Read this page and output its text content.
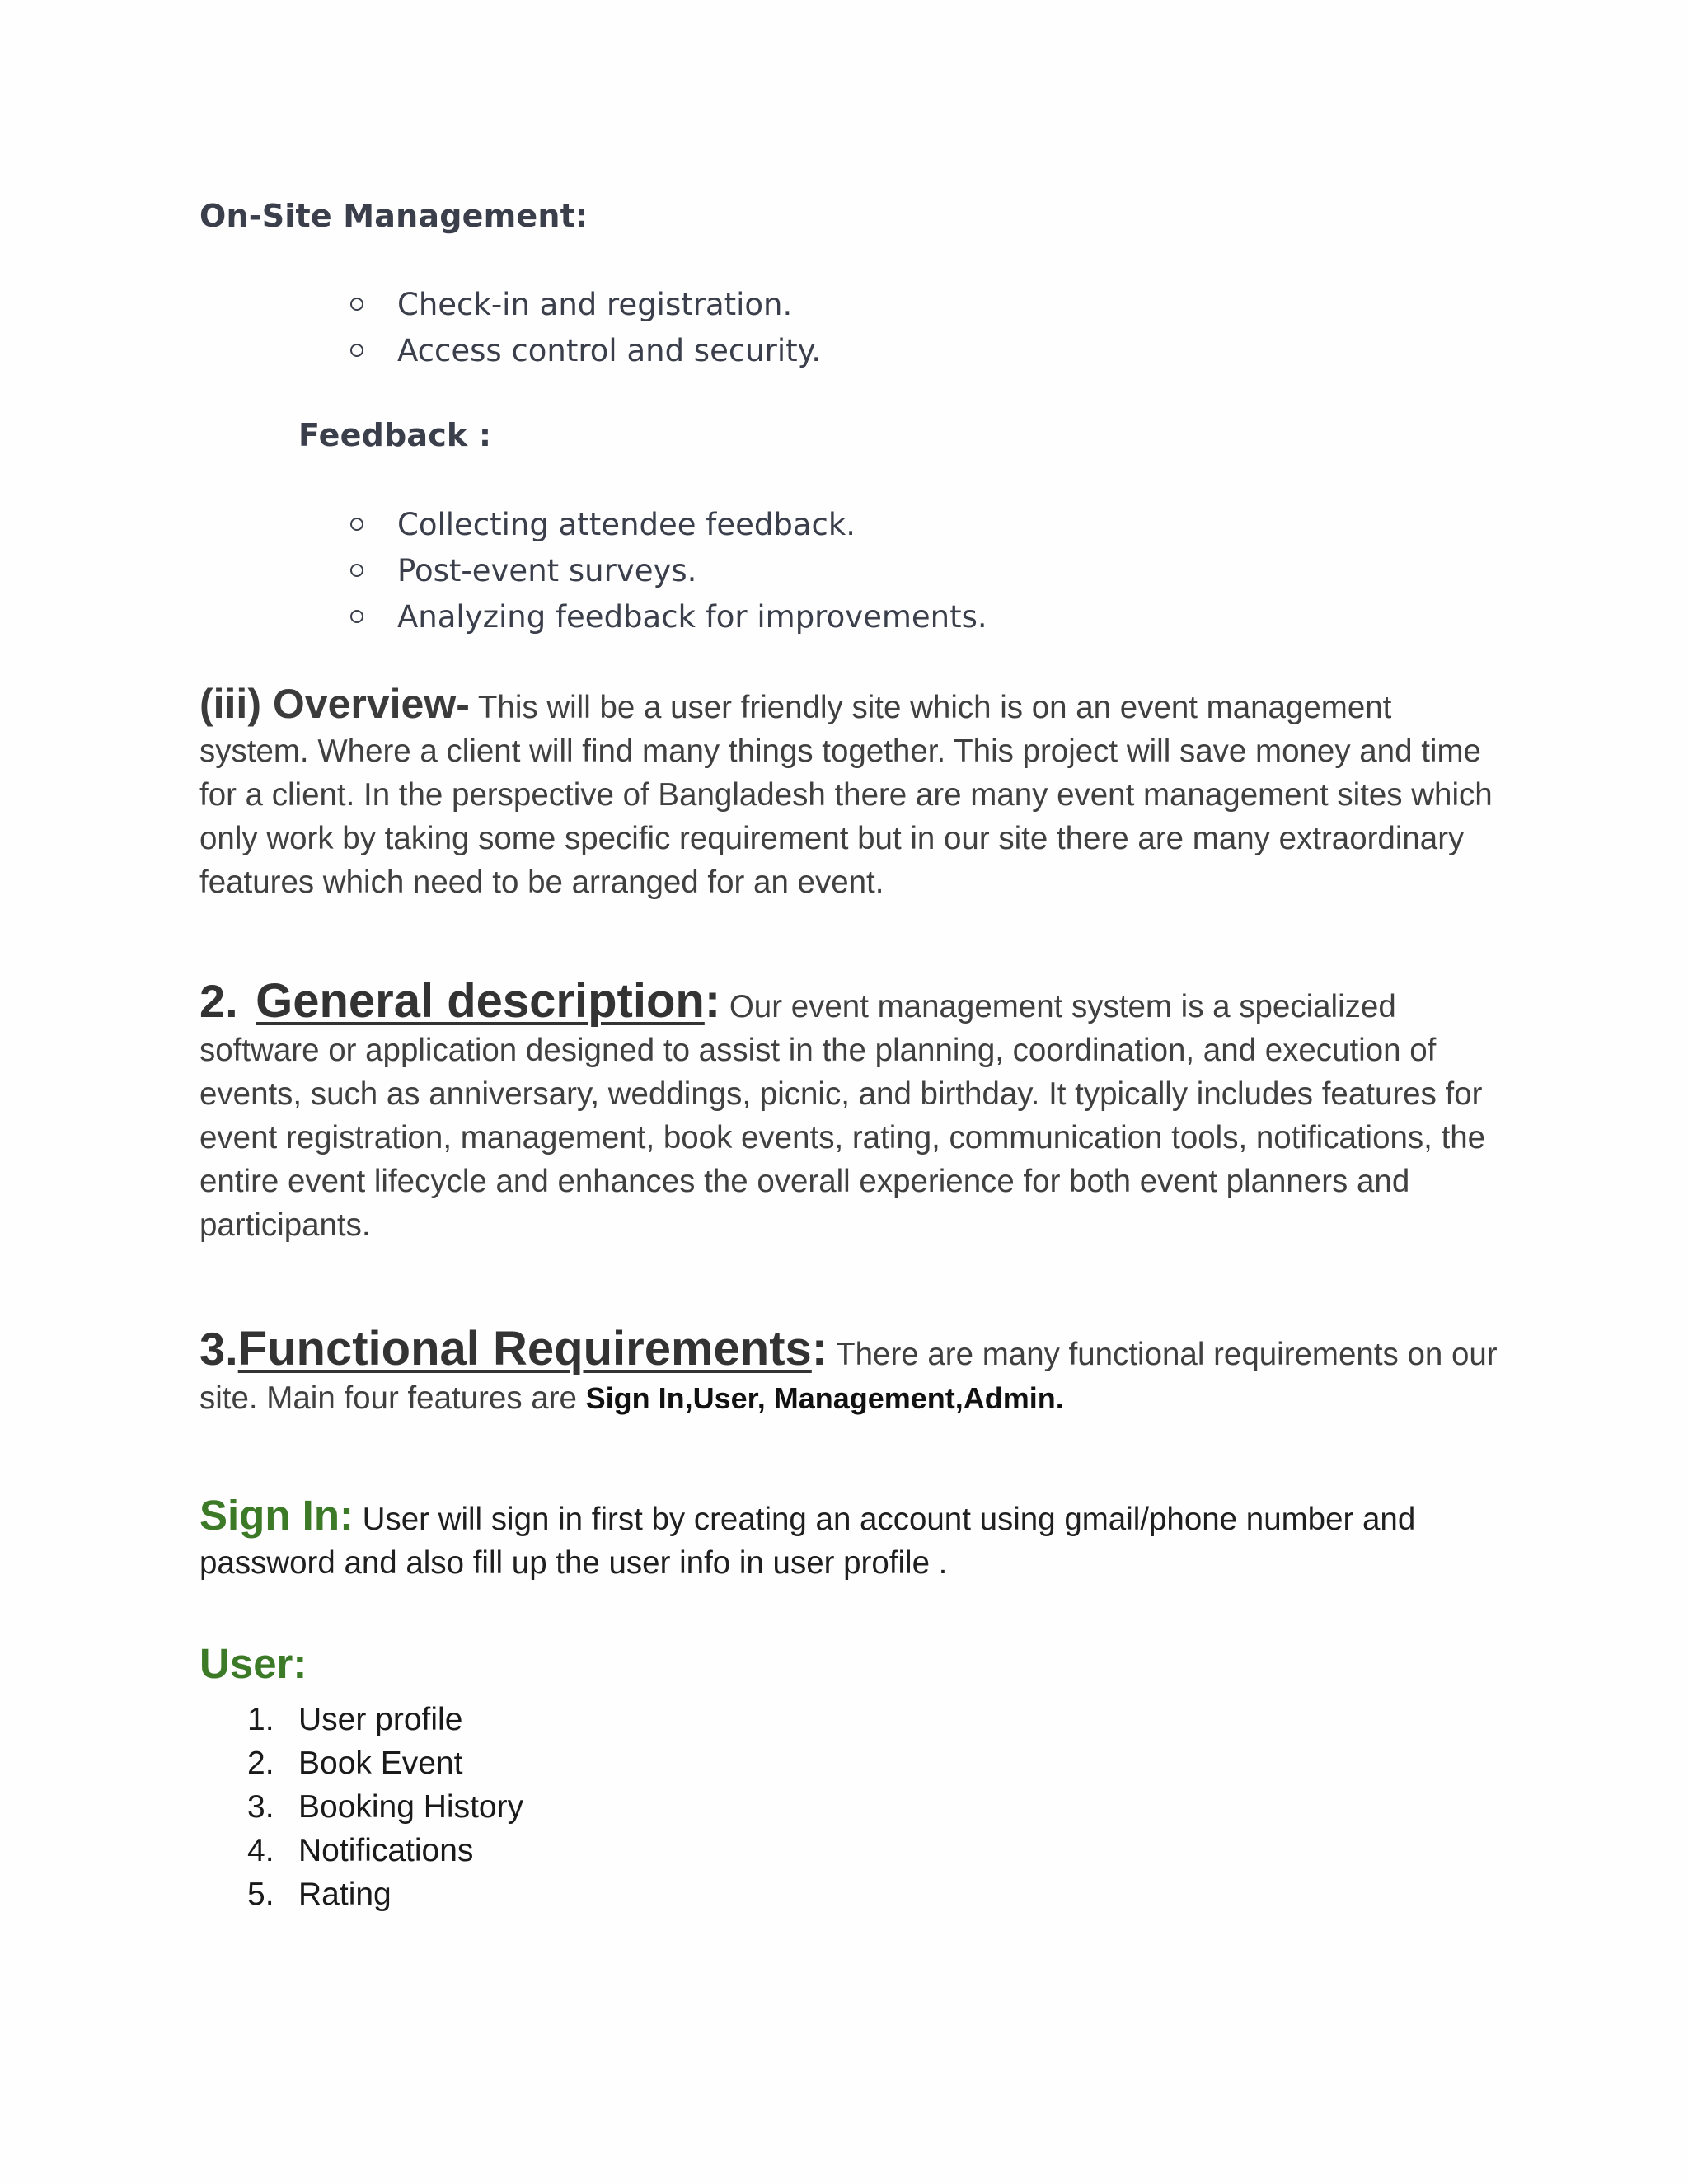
On-Site Management:
Check-in and registration.
Access control and security.
Feedback :
Collecting attendee feedback.
Post-event surveys.
Analyzing feedback for improvements.
(iii) Overview- This will be a user friendly site which is on an event management system. Where a client will find many things together. This project will save money and time for a client. In the perspective of Bangladesh there are many event management sites which only work by taking some specific requirement but in our site there are many extraordinary features which need to be arranged for an event.
2. General description: Our event management system is a specialized software or application designed to assist in the planning, coordination, and execution of events, such as anniversary, weddings, picnic, and birthday. It typically includes features for event registration, management, book events, rating, communication tools, notifications, the entire event lifecycle and enhances the overall experience for both event planners and participants.
3.Functional Requirements: There are many functional requirements on our site. Main four features are Sign In,User, Management,Admin.
Sign In: User will sign in first by creating an account using gmail/phone number and password and also fill up the user info in user profile .
User:
1. User profile
2. Book Event
3. Booking History
4. Notifications
5. Rating
